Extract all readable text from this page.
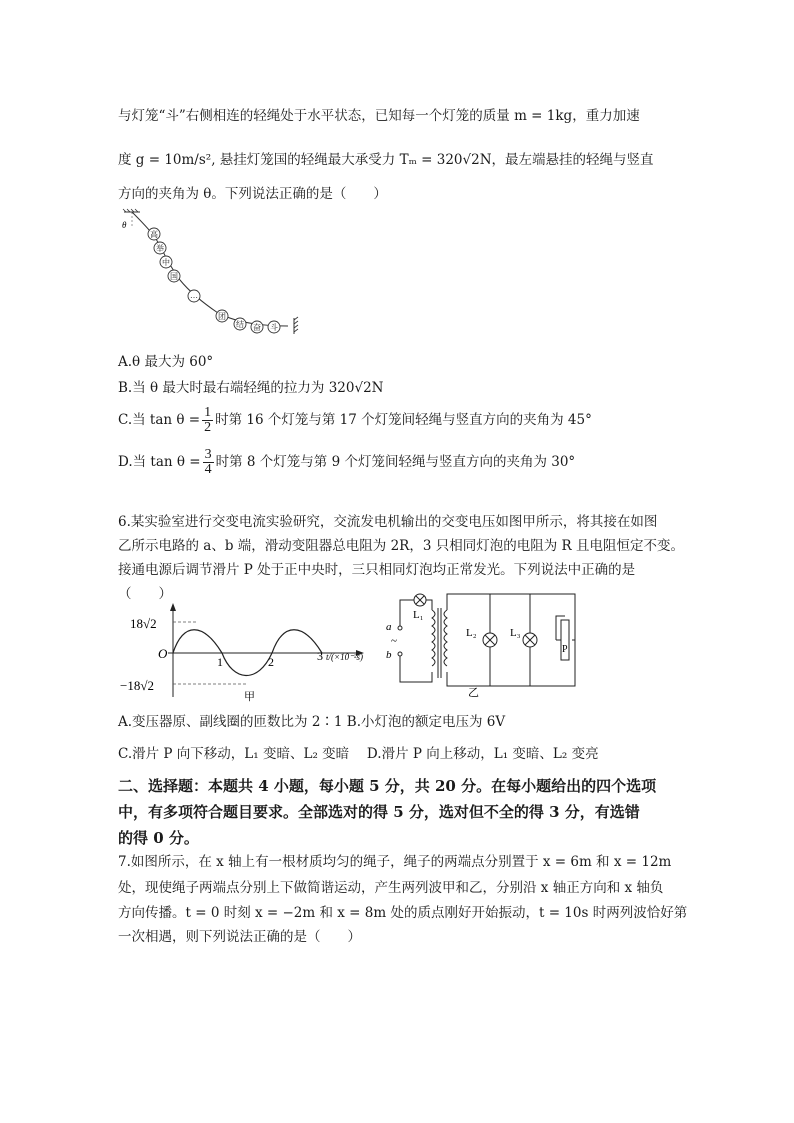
与灯笼“斗”右侧相连的轻绳处于水平状态，已知每一个灯笼的质量 m = 1kg，重力加速
度 g = 10m/s², 悬挂灯笼国的轻绳最大承受力 Tₘ = 320√2N，最左端悬挂的轻绳与竖直
方向的夹角为 θ。下列说法正确的是（　　）
θ
高
举
中
国
…
团
结 奋 斗
A.θ 最大为 60°
B.当 θ 最大时最右端轻绳的拉力为 320√2N
C.当 $\tan \theta = \frac{1}{2}$ 时第 16 个灯笼与第 17 个灯笼间轻绳与竖直方向的夹角为 45°
D.当 $\tan \theta = \frac{3}{4}$ 时第 8 个灯笼与第 9 个灯笼间轻绳与竖直方向的夹角为 30°
6.某实验室进行交变电流实验研究，交流发电机输出的交变电压如图甲所示，将其接在如图
乙所示电路的 a、b 端，滑动变阻器总电阻为 2R，3 只相同灯泡的电阻为 R 且电阻恒定不变。
接通电源后调节滑片 P 处于正中央时，三只相同灯泡均正常发光。下列说法中正确的是
（　　）
18√2
−18√2
O
1	2	3 t/(×10⁻²s)
甲
a
~
b
L₁
L₂	L₃
P
乙
A.变压器原、副线圈的匝数比为 2∶1 B.小灯泡的额定电压为 6V
C.滑片 P 向下移动，L₁ 变暗、L₂ 变暗　 D.滑片 P 向上移动，L₁ 变暗、L₂ 变亮
二、选择题：本题共 4 小题，每小题 5 分，共 20 分。在每小题给出的四个选项
中，有多项符合题目要求。全部选对的得 5 分，选对但不全的得 3 分，有选错
的得 0 分。
7.如图所示，在 x 轴上有一根材质均匀的绳子，绳子的两端点分别置于 x = 6m 和 x = 12m
处，现使绳子两端点分别上下做简谐运动，产生两列波甲和乙，分别沿 x 轴正方向和 x 轴负
方向传播。t = 0 时刻 x = −2m 和 x = 8m 处的质点刚好开始振动，t = 10s 时两列波恰好第
一次相遇，则下列说法正确的是（　　）
